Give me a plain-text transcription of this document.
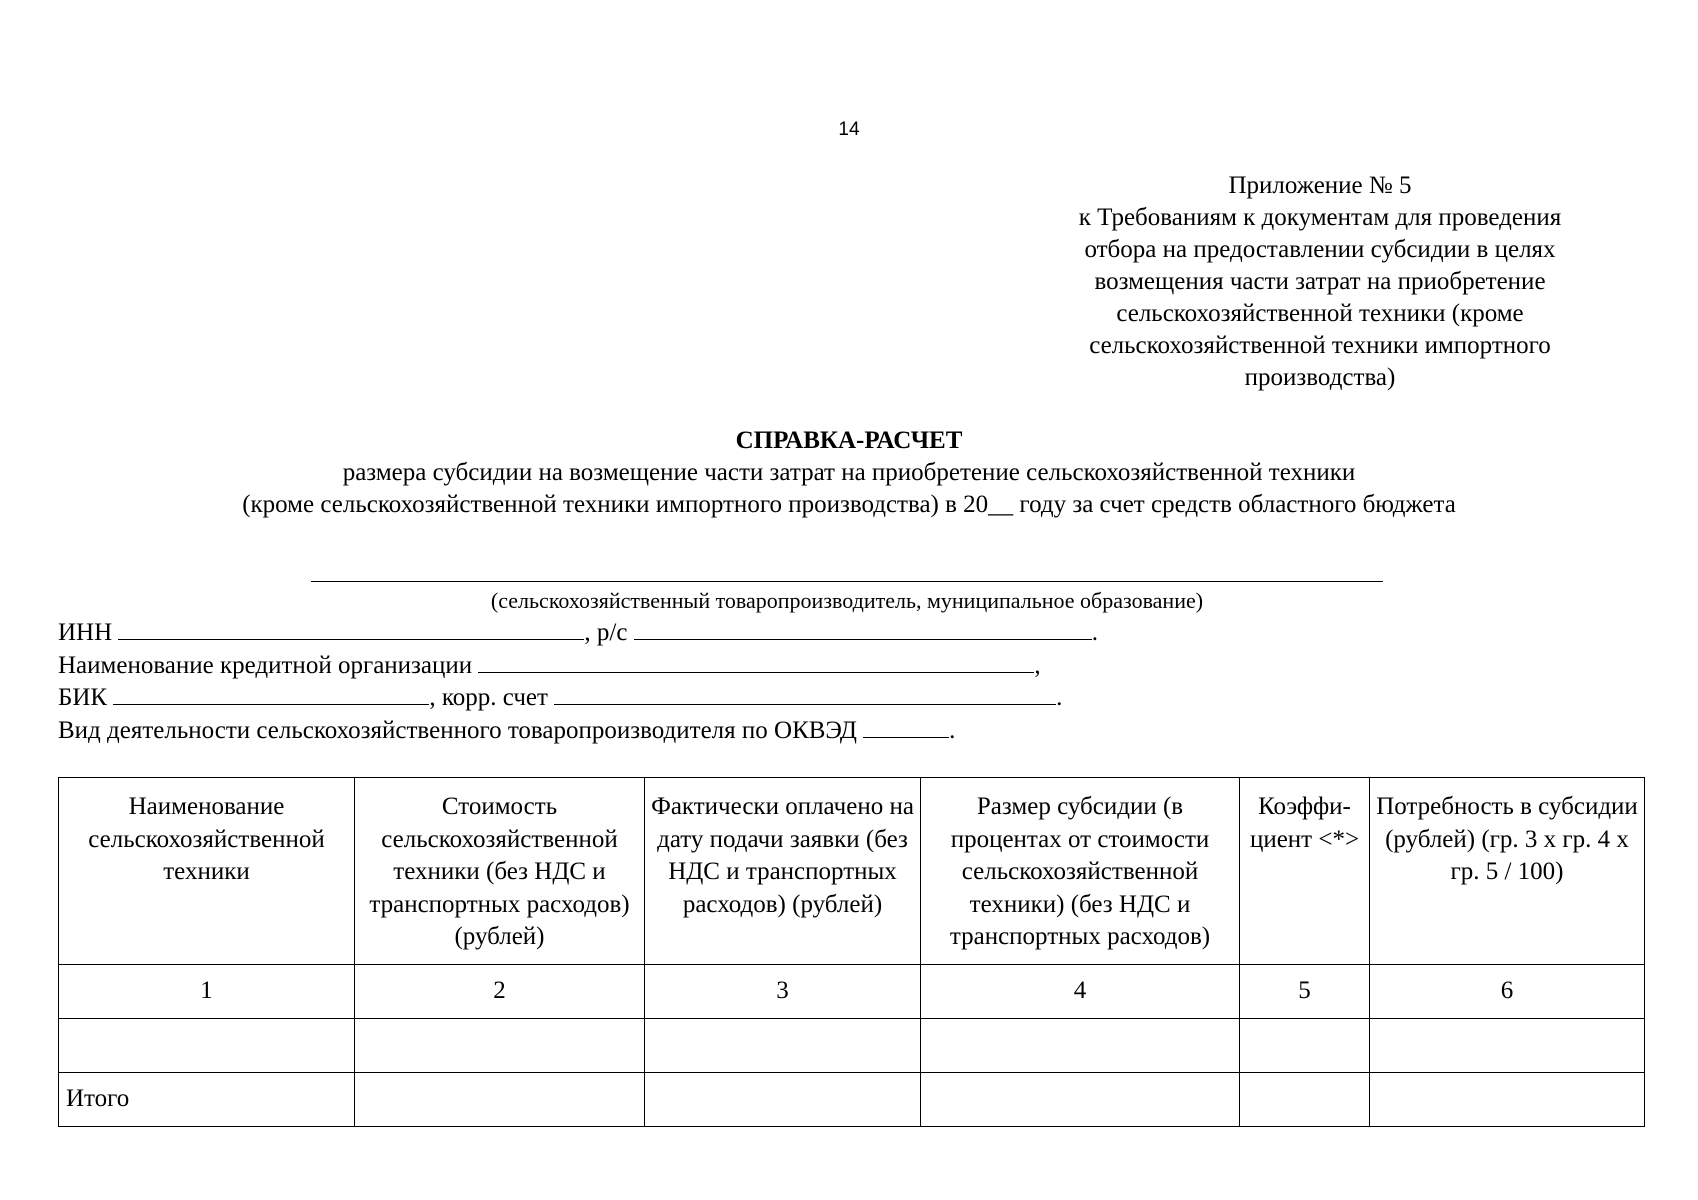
14
Приложение № 5
к Требованиям к документам для проведения
отбора на предоставлении субсидии в целях
возмещения части затрат на приобретение
сельскохозяйственной техники (кроме
сельскохозяйственной техники импортного
производства)
СПРАВКА-РАСЧЕТ
размера субсидии на возмещение части затрат на приобретение сельскохозяйственной техники
(кроме сельскохозяйственной техники импортного производства) в 20__ году за счет средств областного бюджета
(сельскохозяйственный товаропроизводитель, муниципальное образование)
ИНН	, р/с	.
Наименование кредитной организации	,
БИК	, корр. счет	.
Вид деятельности сельскохозяйственного товаропроизводителя по ОКВЭД	.
Наименование сельскохозяйственной техники	Стоимость сельскохозяйственной техники (без НДС и транспортных расходов) (рублей)	Фактически оплачено на дату подачи заявки (без НДС и транспортных расходов) (рублей)	Размер субсидии (в процентах от стоимости сельскохозяйственной техники) (без НДС и транспортных расходов)	Коэффи-циент <*>	Потребность в субсидии (рублей) (гр. 3 x гр. 4 x гр. 5 / 100)
1	2	3	4	5	6

Итого					
